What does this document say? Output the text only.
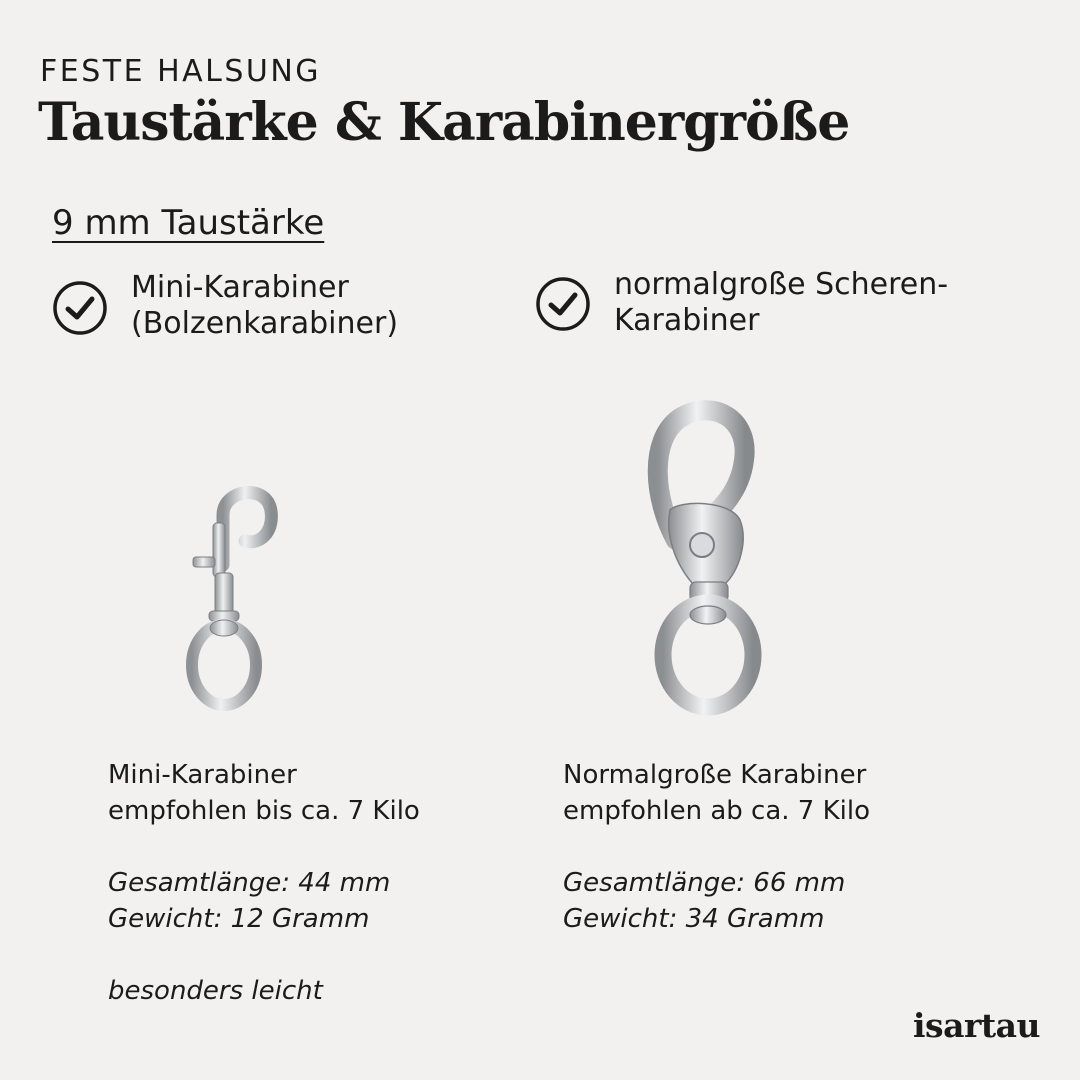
FESTE HALSUNG
Taustärke & Karabinergröße
9 mm Taustärke
Mini-Karabiner
(Bolzenkarabiner)
normalgroße Scheren-
Karabiner
Mini-Karabiner
empfohlen bis ca. 7 Kilo
Gesamtlänge: 44 mm
Gewicht: 12 Gramm
besonders leicht
Normalgroße Karabiner
empfohlen ab ca. 7 Kilo
Gesamtlänge: 66 mm
Gewicht: 34 Gramm
isartau
